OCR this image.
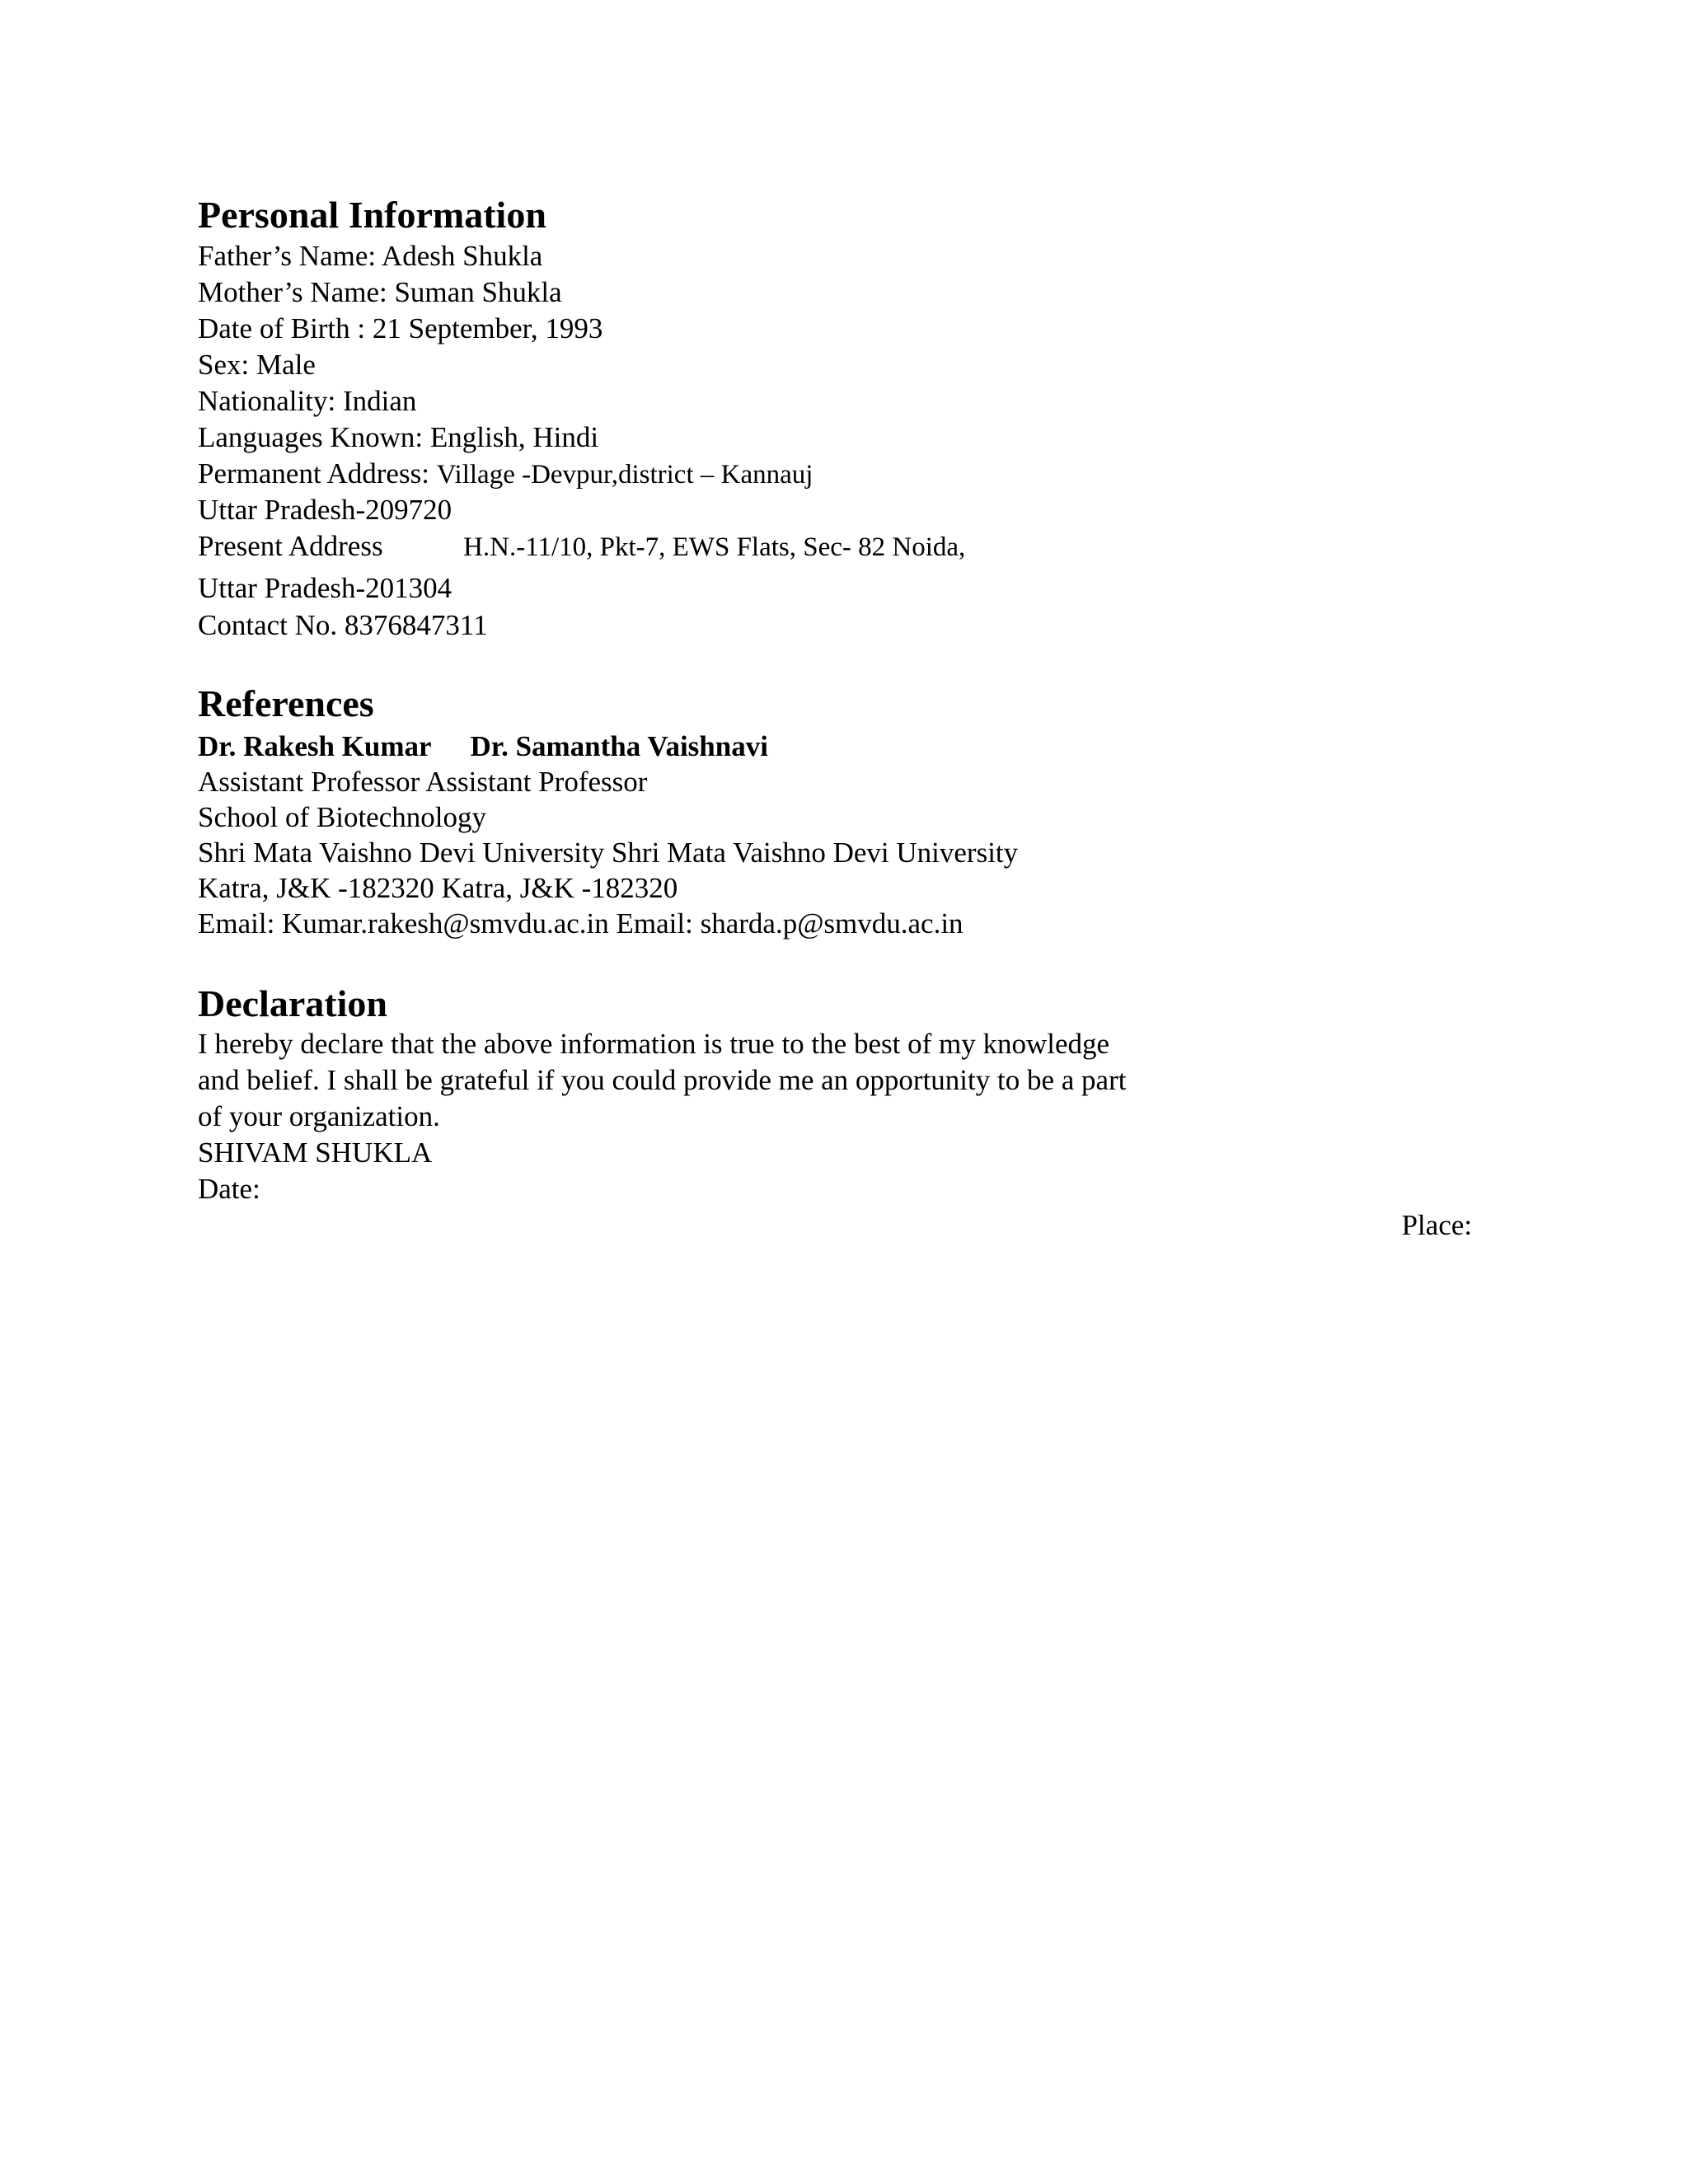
Personal Information
Father’s Name: Adesh Shukla
Mother’s Name: Suman Shukla
Date of Birth : 21 September, 1993
Sex: Male
Nationality: Indian
Languages Known: English, Hindi
Permanent Address: Village -Devpur,district – Kannauj
Uttar Pradesh-209720
Present Address	H.N.-11/10, Pkt-7, EWS Flats, Sec- 82 Noida,
Uttar Pradesh-201304
Contact No. 8376847311
References
Dr. Rakesh Kumar Dr. Samantha Vaishnavi
Assistant Professor Assistant Professor
School of Biotechnology
Shri Mata Vaishno Devi University Shri Mata Vaishno Devi University
Katra, J&K -182320 Katra, J&K -182320
Email: Kumar.rakesh@smvdu.ac.in Email: sharda.p@smvdu.ac.in
Declaration
I hereby declare that the above information is true to the best of my knowledge
and belief. I shall be grateful if you could provide me an opportunity to be a part
of your organization.
SHIVAM SHUKLA
Date:
Place:
